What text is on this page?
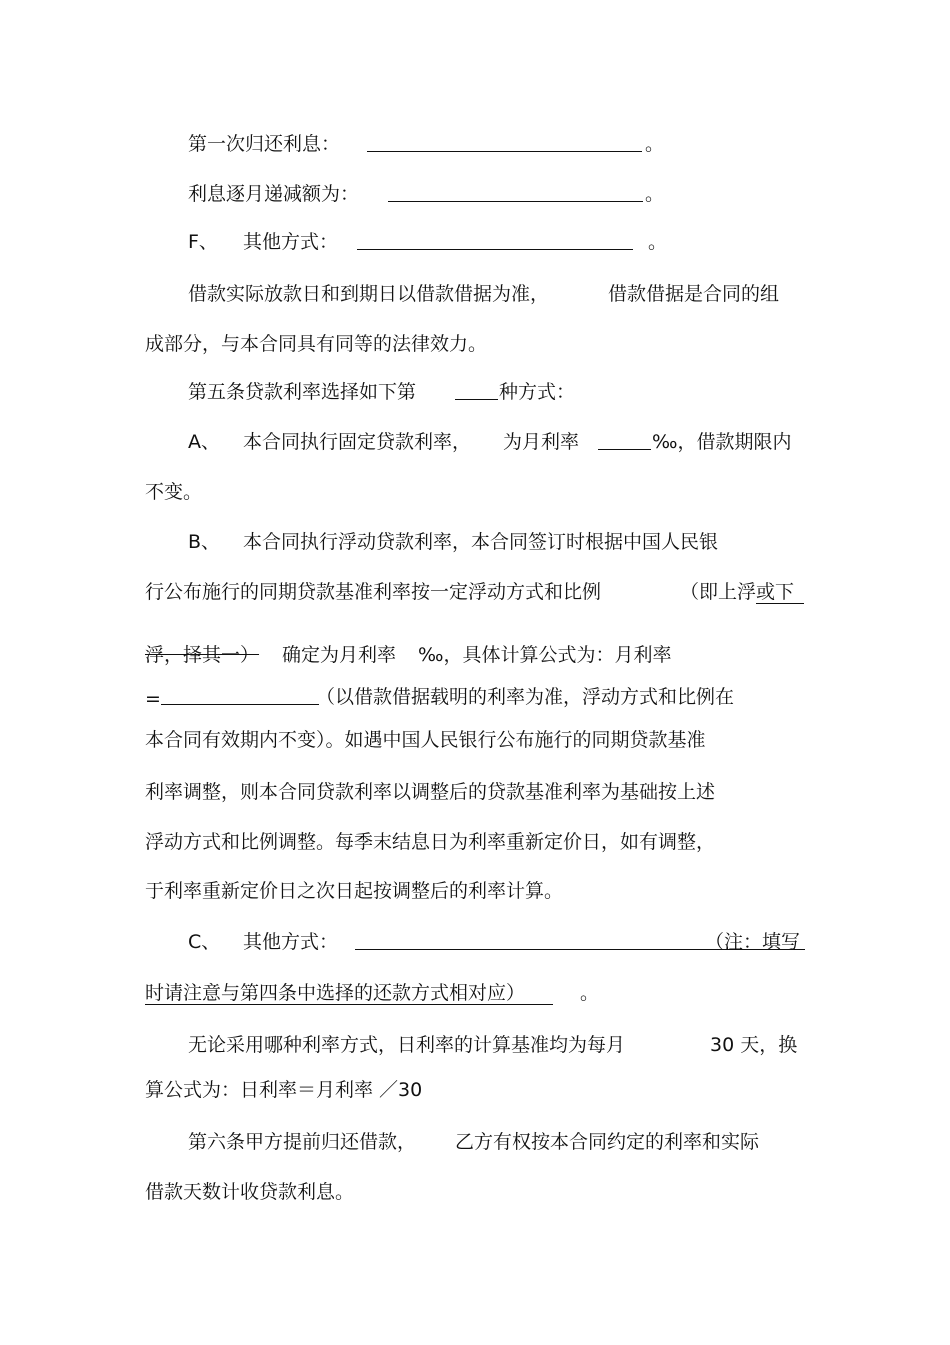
第一次归还利息：	。
利息逐月递减额为：	。
F、 其他方式：	。
借款实际放款日和到期日以借款借据为准，	借款借据是合同的组
成部分，与本合同具有同等的法律效力。
第五条贷款利率选择如下第	种方式：
A、 本合同执行固定贷款利率， 为月利率	‰，借款期限内
不变。
B、 本合同执行浮动贷款利率，本合同签订时根据中国人民银
行公布施行的同期贷款基准利率按一定浮动方式和比例	（即上浮或下
浮，择其一） 确定为月利率 ‰，具体计算公式为：月利率
=	（以借款借据载明的利率为准，浮动方式和比例在
本合同有效期内不变）。如遇中国人民银行公布施行的同期贷款基准
利率调整，则本合同贷款利率以调整后的贷款基准利率为基础按上述
浮动方式和比例调整。每季末结息日为利率重新定价日，如有调整，
于利率重新定价日之次日起按调整后的利率计算。
C、 其他方式：	（注：填写
时请注意与第四条中选择的还款方式相对应）	。
无论采用哪种利率方式，日利率的计算基准均为每月	30 天，换
算公式为：日利率＝月利率 ／30
第六条甲方提前归还借款， 乙方有权按本合同约定的利率和实际
借款天数计收贷款利息。
